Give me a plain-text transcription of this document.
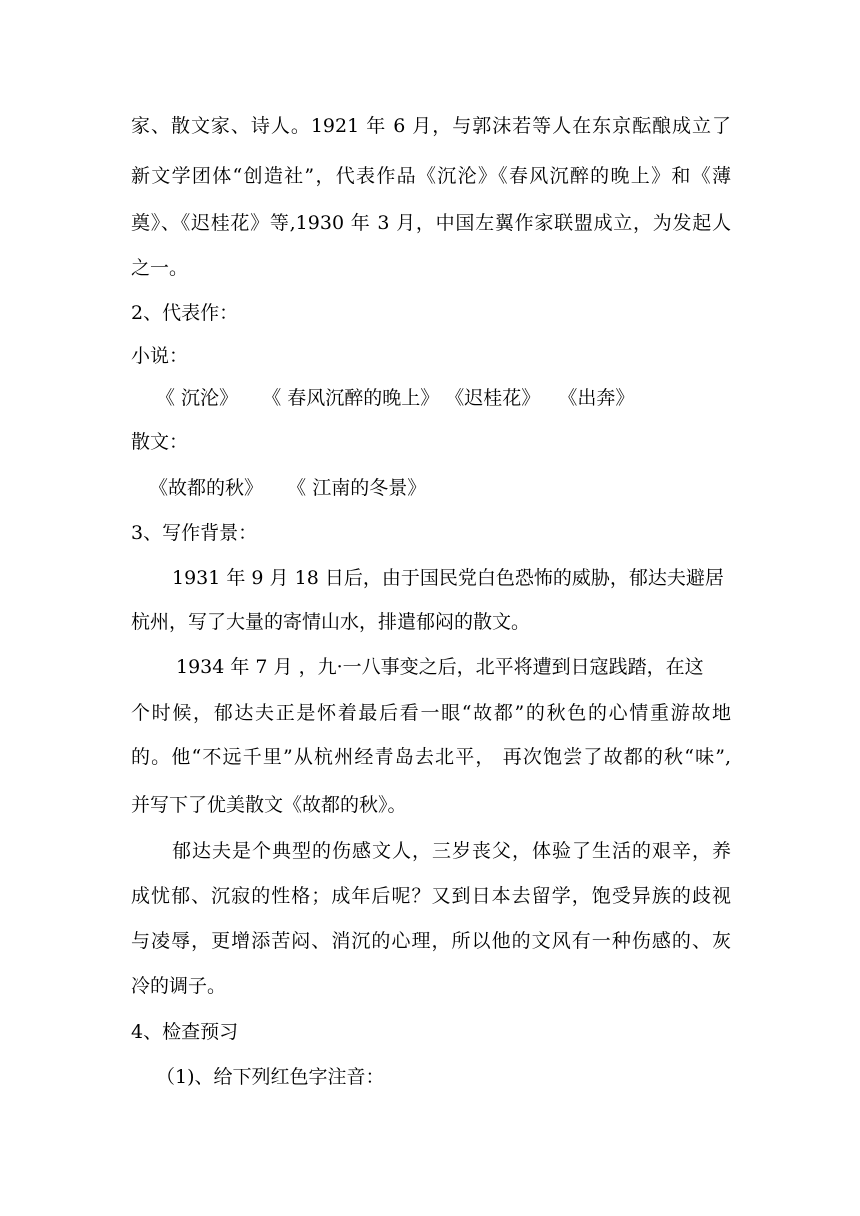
家、散文家、诗人。1921 年 6 月，与郭沫若等人在东京酝酿成立了
新文学团体“创造社”，代表作品《沉沦》《春风沉醉的晚上》和《薄
奠》、《迟桂花》等,1930 年 3 月，中国左翼作家联盟成立，为发起人
之一。
2、代表作：
小说：
《 沉沦》    《 春风沉醉的晚上》 《迟桂花》   《出奔》
散文：
《故都的秋》    《 江南的冬景》
3、写作背景：
1931 年 9 月 18 日后，由于国民党白色恐怖的威胁，郁达夫避居
杭州，写了大量的寄情山水，排遣郁闷的散文。
1934 年 7 月 ，九·一八事变之后，北平将遭到日寇践踏，在这
个时候，郁达夫正是怀着最后看一眼“故都”的秋色的心情重游故地
的。他“不远千里”从杭州经青岛去北平， 再次饱尝了故都的秋“味”,
并写下了优美散文《故都的秋》。
郁达夫是个典型的伤感文人，三岁丧父，体验了生活的艰辛，养
成忧郁、沉寂的性格；成年后呢？又到日本去留学，饱受异族的歧视
与凌辱，更增添苦闷、消沉的心理，所以他的文风有一种伤感的、灰
冷的调子。
4、检查预习
（1)、给下列红色字注音：
